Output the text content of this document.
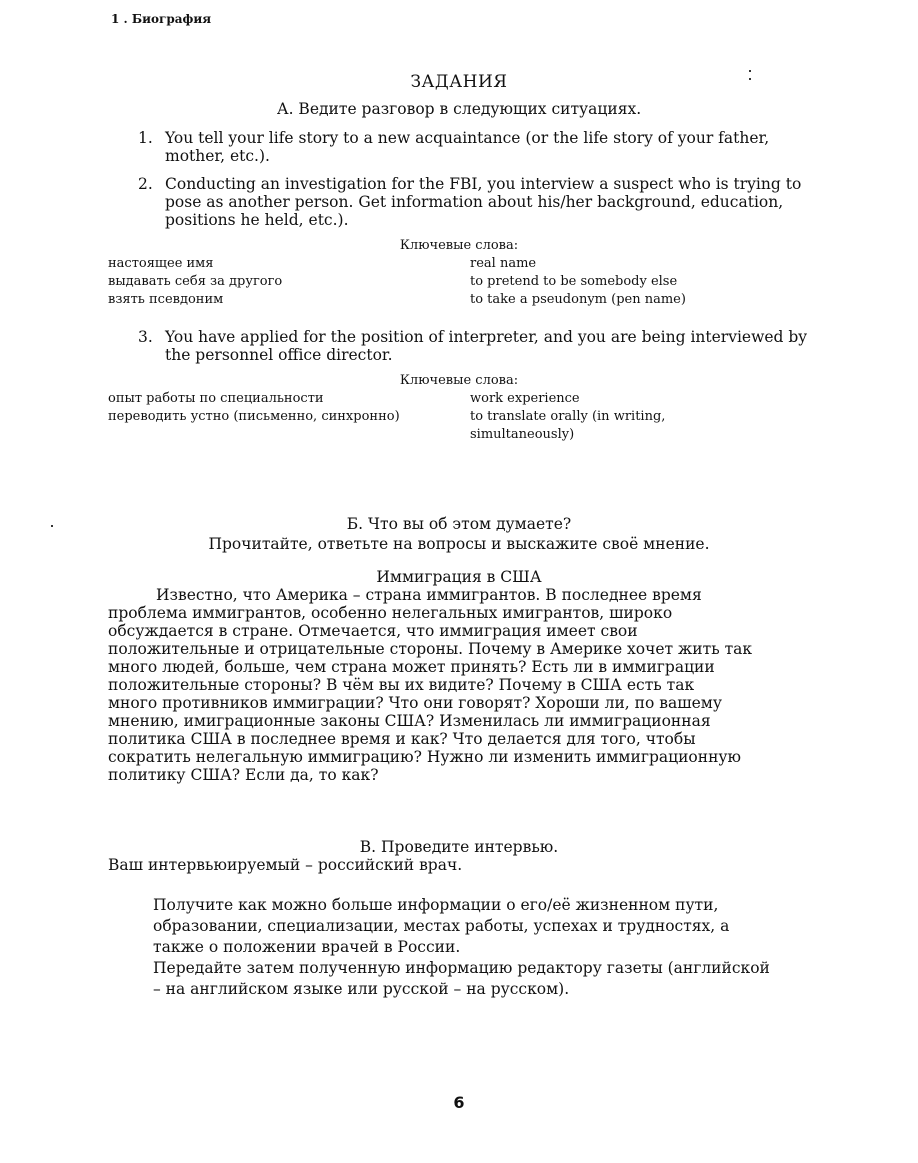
1 . Биография
ЗАДАНИЯ
А. Ведите разговор в следующих ситуациях.
1. You tell your life story to a new acquaintance (or the life story of your father, mother, etc.).
2. Conducting an investigation for the FBI, you interview a suspect who is trying to pose as another person. Get information about his/her background, education, positions he held, etc.).
Ключевые слова:
настоящее имя	real name
выдавать себя за другого	to pretend to be somebody else
взять псевдоним	to take a pseudonym (pen name)
3. You have applied for the position of interpreter, and you are being interviewed by the personnel office director.
Ключевые слова:
опыт работы по специальности	work experience
переводить устно (письменно, синхронно)	to translate orally (in writing,
simultaneously)
Б. Что вы об этом думаете?
Прочитайте, ответьте на вопросы и выскажите своё мнение.
Иммиграция в США

Известно, что Америка – страна иммигрантов. В последнее время

проблема иммигрантов, особенно нелегальных имигрантов, широко

обсуждается в стране. Отмечается, что иммиграция имеет свои

положительные и отрицательные стороны. Почему в Америке хочет жить так

много людей, больше, чем страна может принять? Есть ли в иммиграции

положительные стороны? В чём вы их видите? Почему в США есть так

много противников иммиграции? Что они говорят? Хороши ли, по вашему

мнению, имиграционные законы США? Изменилась ли иммиграционная

политика США в последнее время и как? Что делается для того, чтобы

сократить нелегальную иммиграцию? Нужно ли изменить иммиграционную

политику США? Если да, то как?

В. Проведите интервью.
Ваш интервьюируемый – российский врач.
Получите как можно больше информации о его/её жизненном пути,
образовании, специализации, местах работы, успехах и трудностях, а
также о положении врачей в России.
Передайте затем полученную информацию редактору газеты (английской
– на английском языке или русской – на русском).
6
